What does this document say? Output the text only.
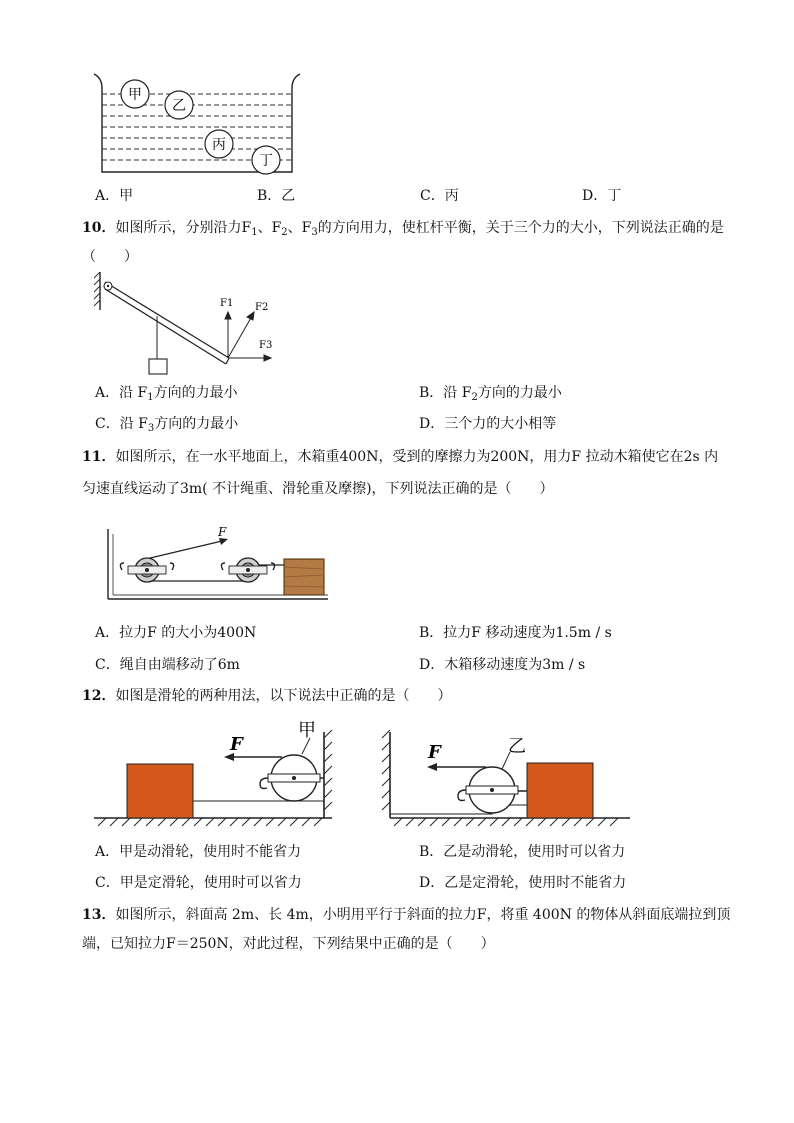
甲
乙
丙
丁
A．甲	B．乙	C．丙	D．丁
10．如图所示，分别沿力$F_1$、$F_2$、$F_3$的方向用力，使杠杆平衡，关于三个力的大小，下列说法正确的是
（　　）
F1 F2
F3
A．沿 $F_1$方向的力最小	B．沿 $F_2$方向的力最小
C．沿 $F_3$方向的力最小	D．三个力的大小相等
11．如图所示，在一水平地面上，木箱重400N，受到的摩擦力为200N，用力F 拉动木箱使它在2s 内
匀速直线运动了3m( 不计绳重、滑轮重及摩擦)，下列说法正确的是（　　）
F
A．拉力F 的大小为400N	B．拉力F 移动速度为1.5m / s
C．绳自由端移动了6m	D．木箱移动速度为3m / s
12．如图是滑轮的两种用法，以下说法中正确的是（　　）
F
甲
F	乙
A．甲是动滑轮，使用时不能省力	B．乙是动滑轮，使用时可以省力
C．甲是定滑轮，使用时可以省力	D．乙是定滑轮，使用时不能省力
13．如图所示，斜面高 2m、长 4m，小明用平行于斜面的拉力F，将重 400N 的物体从斜面底端拉到顶
端，已知拉力F＝250N，对此过程，下列结果中正确的是（　　）
